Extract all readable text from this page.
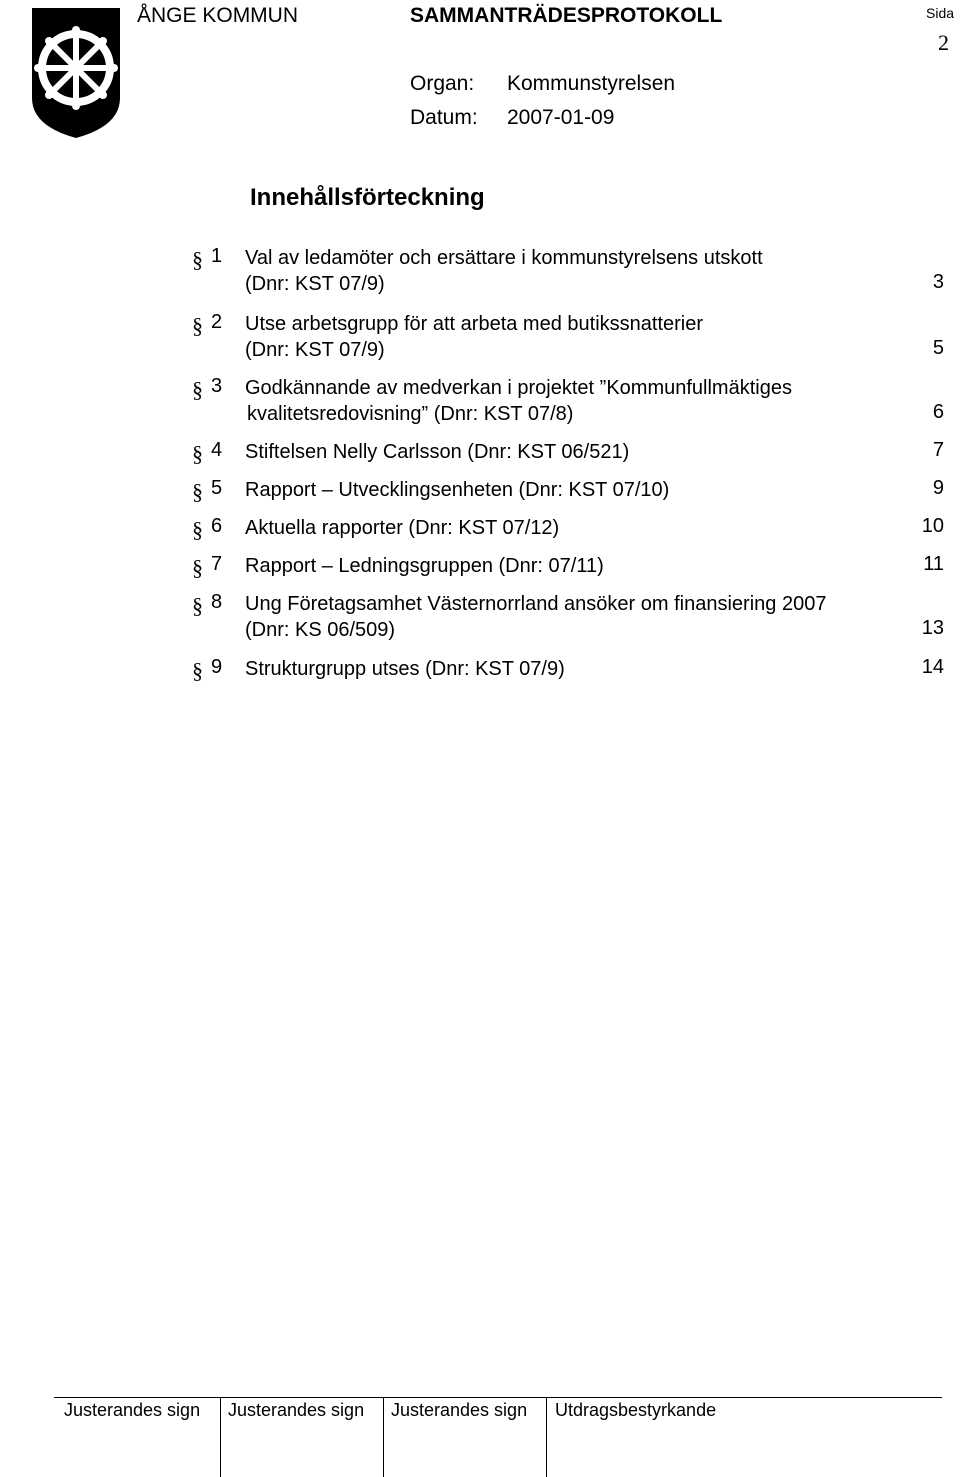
ÅNGE KOMMUN	SAMMANTRÄDESPROTOKOLL	Sida
2
Organ: Kommunstyrelsen
Datum: 2007-01-09
Innehållsförteckning
§ 1 Val av ledamöter och ersättare i kommunstyrelsens utskott
(Dnr: KST 07/9)	3
§ 2 Utse arbetsgrupp för att arbeta med butikssnatterier
(Dnr: KST 07/9)	5
§ 3 Godkännande av medverkan i projektet ”Kommunfullmäktiges
kvalitetsredovisning” (Dnr: KST 07/8)	6
§ 4 Stiftelsen Nelly Carlsson (Dnr: KST 06/521)	7
§ 5 Rapport – Utvecklingsenheten (Dnr: KST 07/10)	9
§ 6 Aktuella rapporter (Dnr: KST 07/12)	10
§ 7 Rapport – Ledningsgruppen (Dnr: 07/11)	11
§ 8 Ung Företagsamhet Västernorrland ansöker om finansiering 2007
(Dnr: KS 06/509)	13
§ 9 Strukturgrupp utses (Dnr: KST 07/9)	14
Justerandes sign Justerandes sign Justerandes sign Utdragsbestyrkande
